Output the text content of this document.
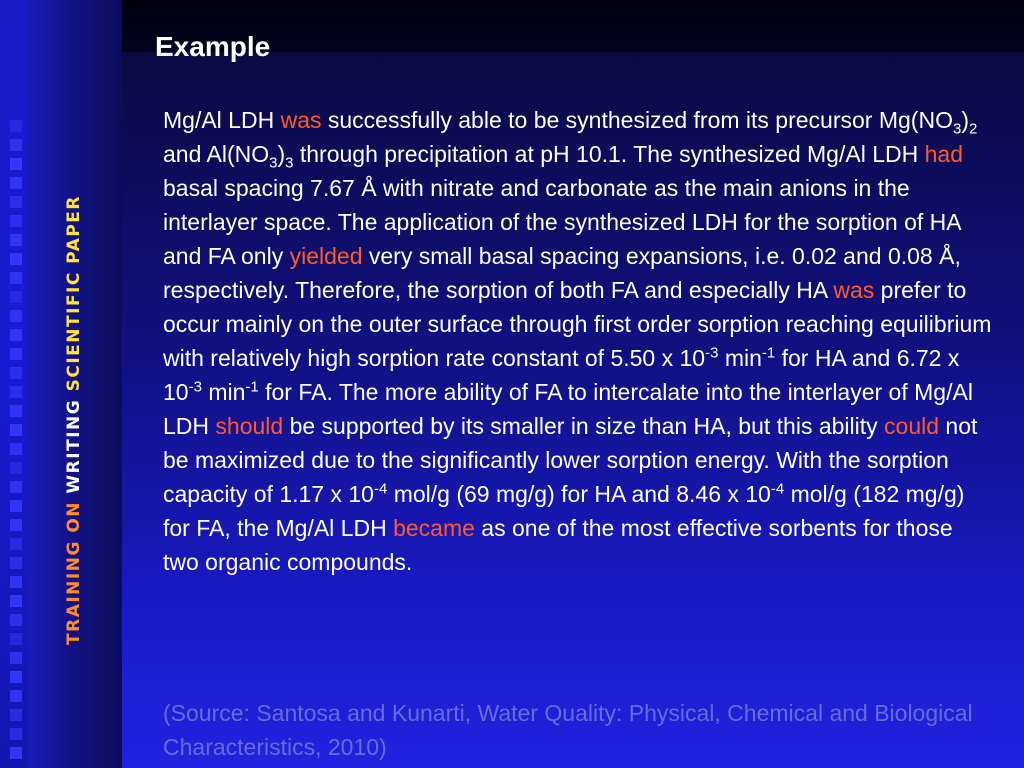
TRAINING ON WRITING SCIENTIFIC PAPER
Example

Mg/Al LDH was successfully able to be synthesized from its precursor $Mg(NO_3)_2$ and $Al(NO_3)_3$ through precipitation at pH 10.1. The synthesized Mg/Al LDH had basal spacing 7.67 Å with nitrate and carbonate as the main anions in the interlayer space. The application of the synthesized LDH for the sorption of HA and FA only yielded very small basal spacing expansions, i.e. 0.02 and 0.08 Å, respectively. Therefore, the sorption of both FA and especially HA was prefer to occur mainly on the outer surface through first order sorption reaching equilibrium with relatively high sorption rate constant of 5.50 x $10^{-3}$ $\min^{-1}$ for HA and 6.72 x $10^{-3}$ $\min^{-1}$ for FA. The more ability of FA to intercalate into the interlayer of Mg/Al LDH should be supported by its smaller in size than HA, but this ability could not be maximized due to the significantly lower sorption energy. With the sorption capacity of 1.17 x $10^{-4}$ mol/g (69 mg/g) for HA and 8.46 x $10^{-4}$ mol/g (182 mg/g) for FA, the Mg/Al LDH became as one of the most effective sorbents for those two organic compounds.

(Source: Santosa and Kunarti, Water Quality: Physical, Chemical and Biological Characteristics, 2010)
